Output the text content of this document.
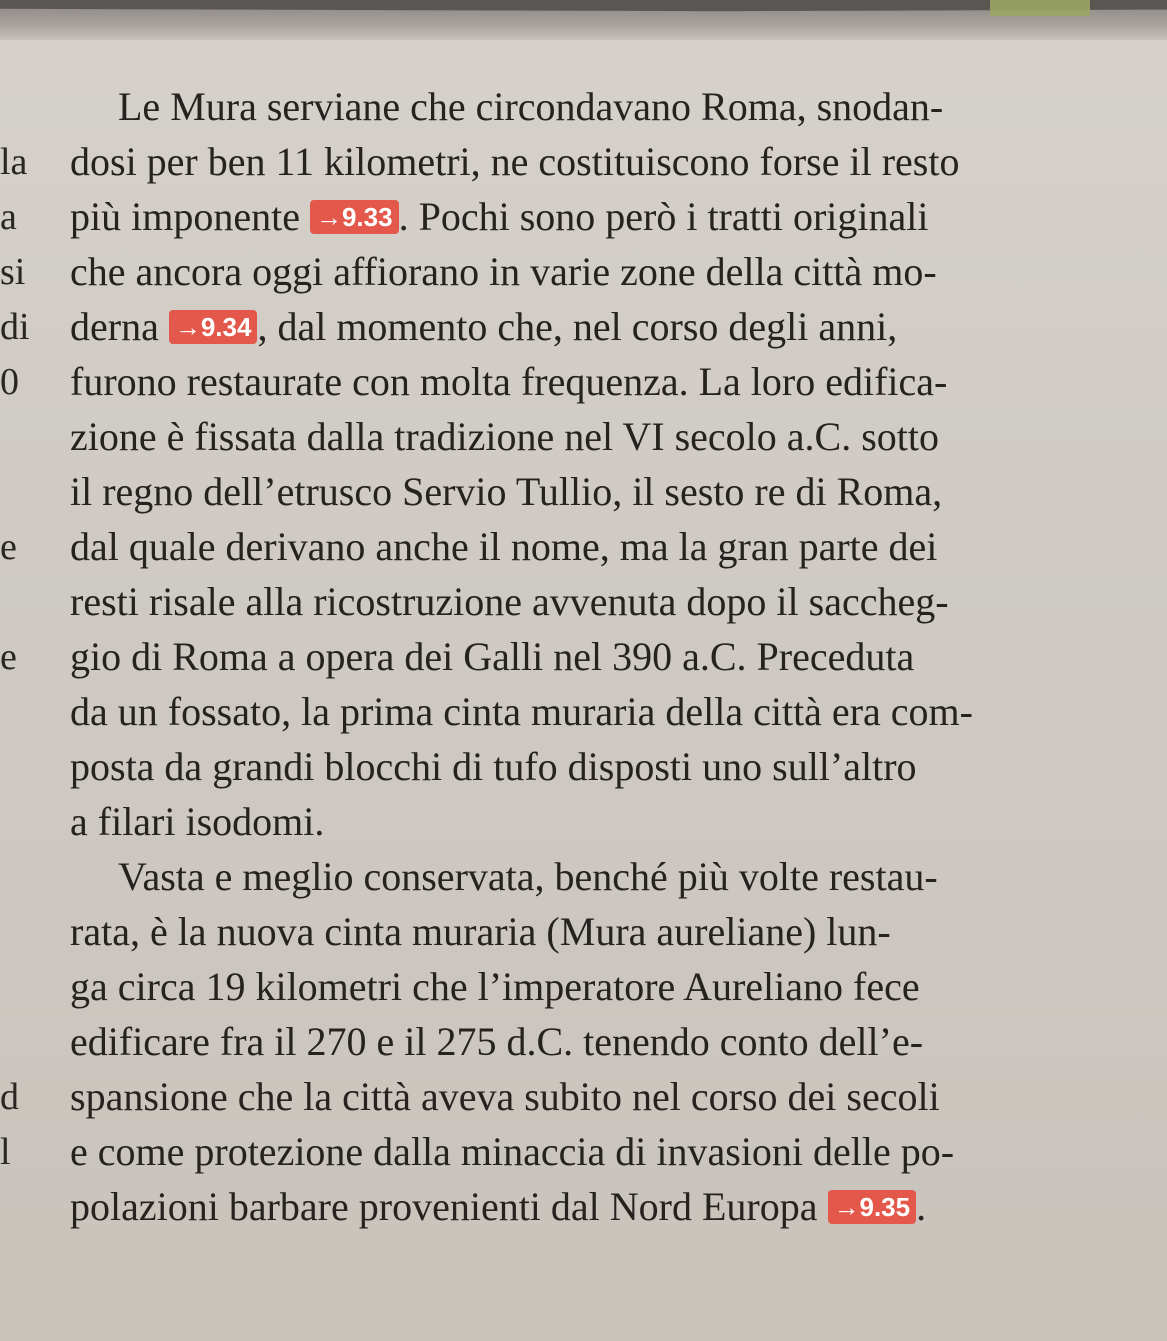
Le Mura serviane che circondavano Roma, snodan-
dosi per ben 11 kilometri, ne costituiscono forse il resto
più imponente →9.33 . Pochi sono però i tratti originali
che ancora oggi affiorano in varie zone della città mo-
derna →9.34 , dal momento che, nel corso degli anni,
furono restaurate con molta frequenza. La loro edifica-
zione è fissata dalla tradizione nel VI secolo a.C. sotto
il regno dell’etrusco Servio Tullio, il sesto re di Roma,
dal quale derivano anche il nome, ma la gran parte dei
resti risale alla ricostruzione avvenuta dopo il saccheg-
gio di Roma a opera dei Galli nel 390 a.C. Preceduta
da un fossato, la prima cinta muraria della città era com-
posta da grandi blocchi di tufo disposti uno sull’altro
a filari isodomi.
Vasta e meglio conservata, benché più volte restau-
rata, è la nuova cinta muraria (Mura aureliane) lun-
ga circa 19 kilometri che l’imperatore Aureliano fece
edificare fra il 270 e il 275 d.C. tenendo conto dell’e-
spansione che la città aveva subito nel corso dei secoli
e come protezione dalla minaccia di invasioni delle po-
polazioni barbare provenienti dal Nord Europa →9.35 .
la
a
si
di
0
e
e
d
l
